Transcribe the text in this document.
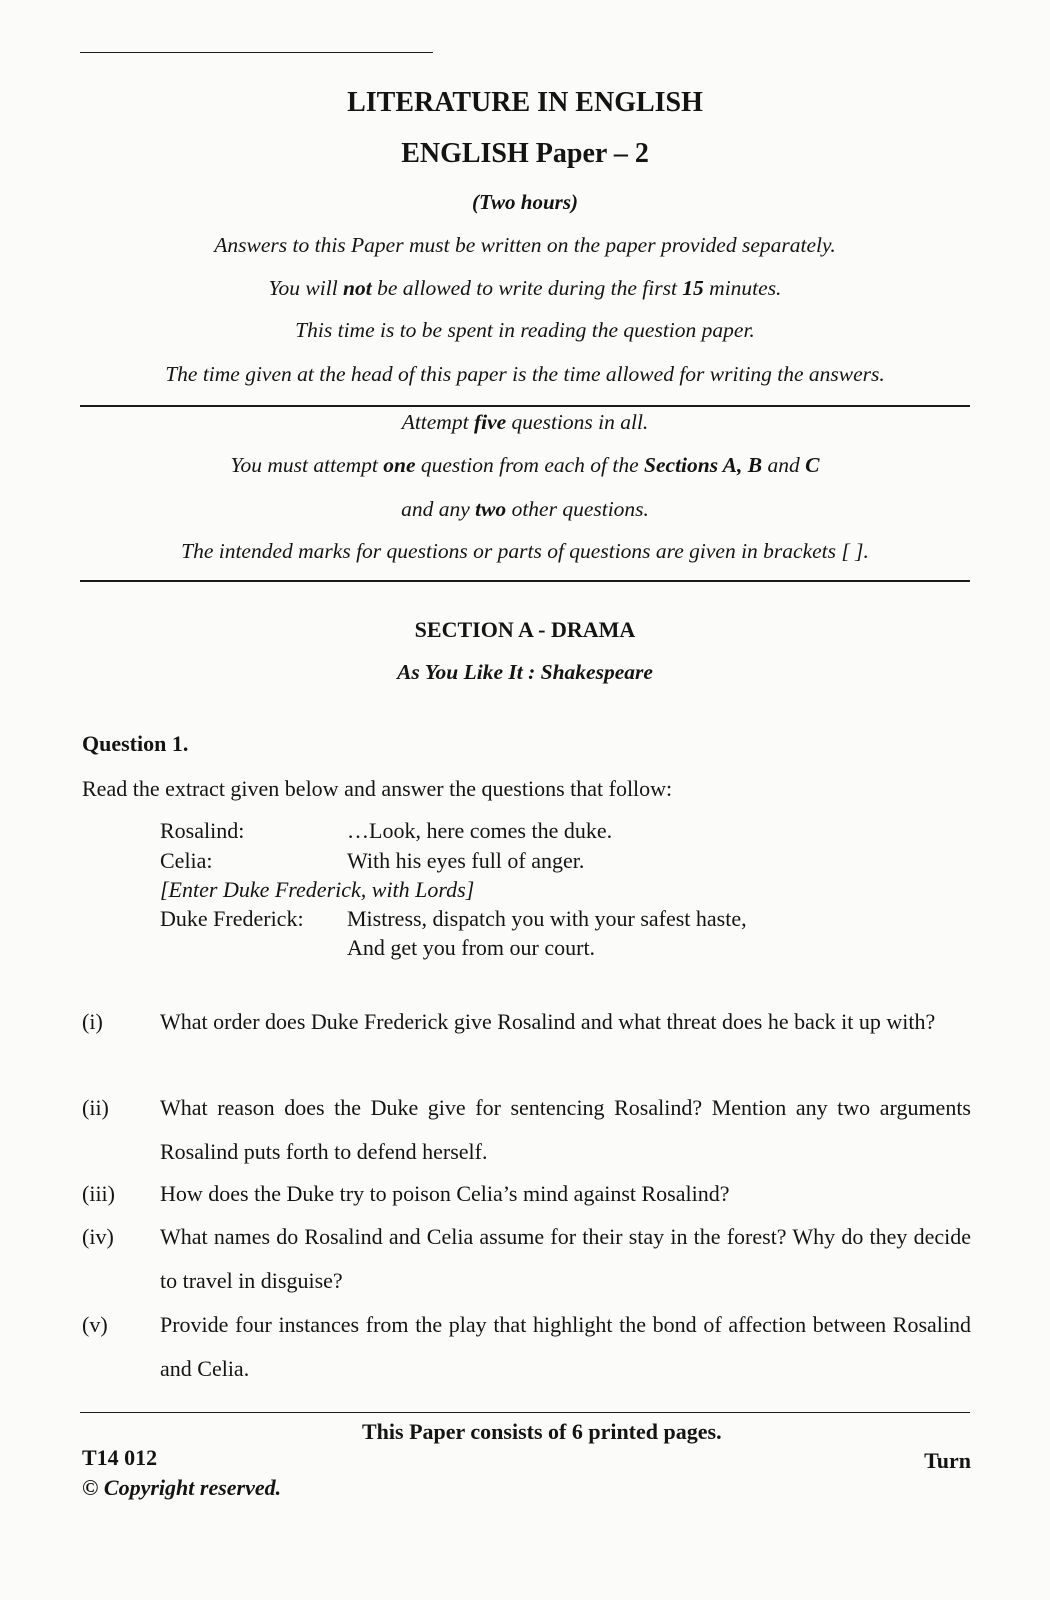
LITERATURE IN ENGLISH
ENGLISH Paper – 2
(Two hours)
Answers to this Paper must be written on the paper provided separately.
You will not be allowed to write during the first 15 minutes.
This time is to be spent in reading the question paper.
The time given at the head of this paper is the time allowed for writing the answers.
Attempt five questions in all.
You must attempt one question from each of the Sections A, B and C
and any two other questions.
The intended marks for questions or parts of questions are given in brackets [ ].
SECTION A - DRAMA
As You Like It : Shakespeare
Question 1.
Read the extract given below and answer the questions that follow:
Rosalind:	…Look, here comes the duke.
Celia:	With his eyes full of anger.
[Enter Duke Frederick, with Lords]
Duke Frederick: Mistress, dispatch you with your safest haste,
And get you from our court.
(i)	What order does Duke Frederick give Rosalind and what threat does he back it up with?
(ii) What reason does the Duke give for sentencing Rosalind? Mention any two arguments Rosalind puts forth to defend herself.
(iii) How does the Duke try to poison Celia’s mind against Rosalind?
(iv) What names do Rosalind and Celia assume for their stay in the forest? Why do they decide to travel in disguise?
(v) Provide four instances from the play that highlight the bond of affection between Rosalind and Celia.
This Paper consists of 6 printed pages.
T14 012	Turn
© Copyright reserved.
